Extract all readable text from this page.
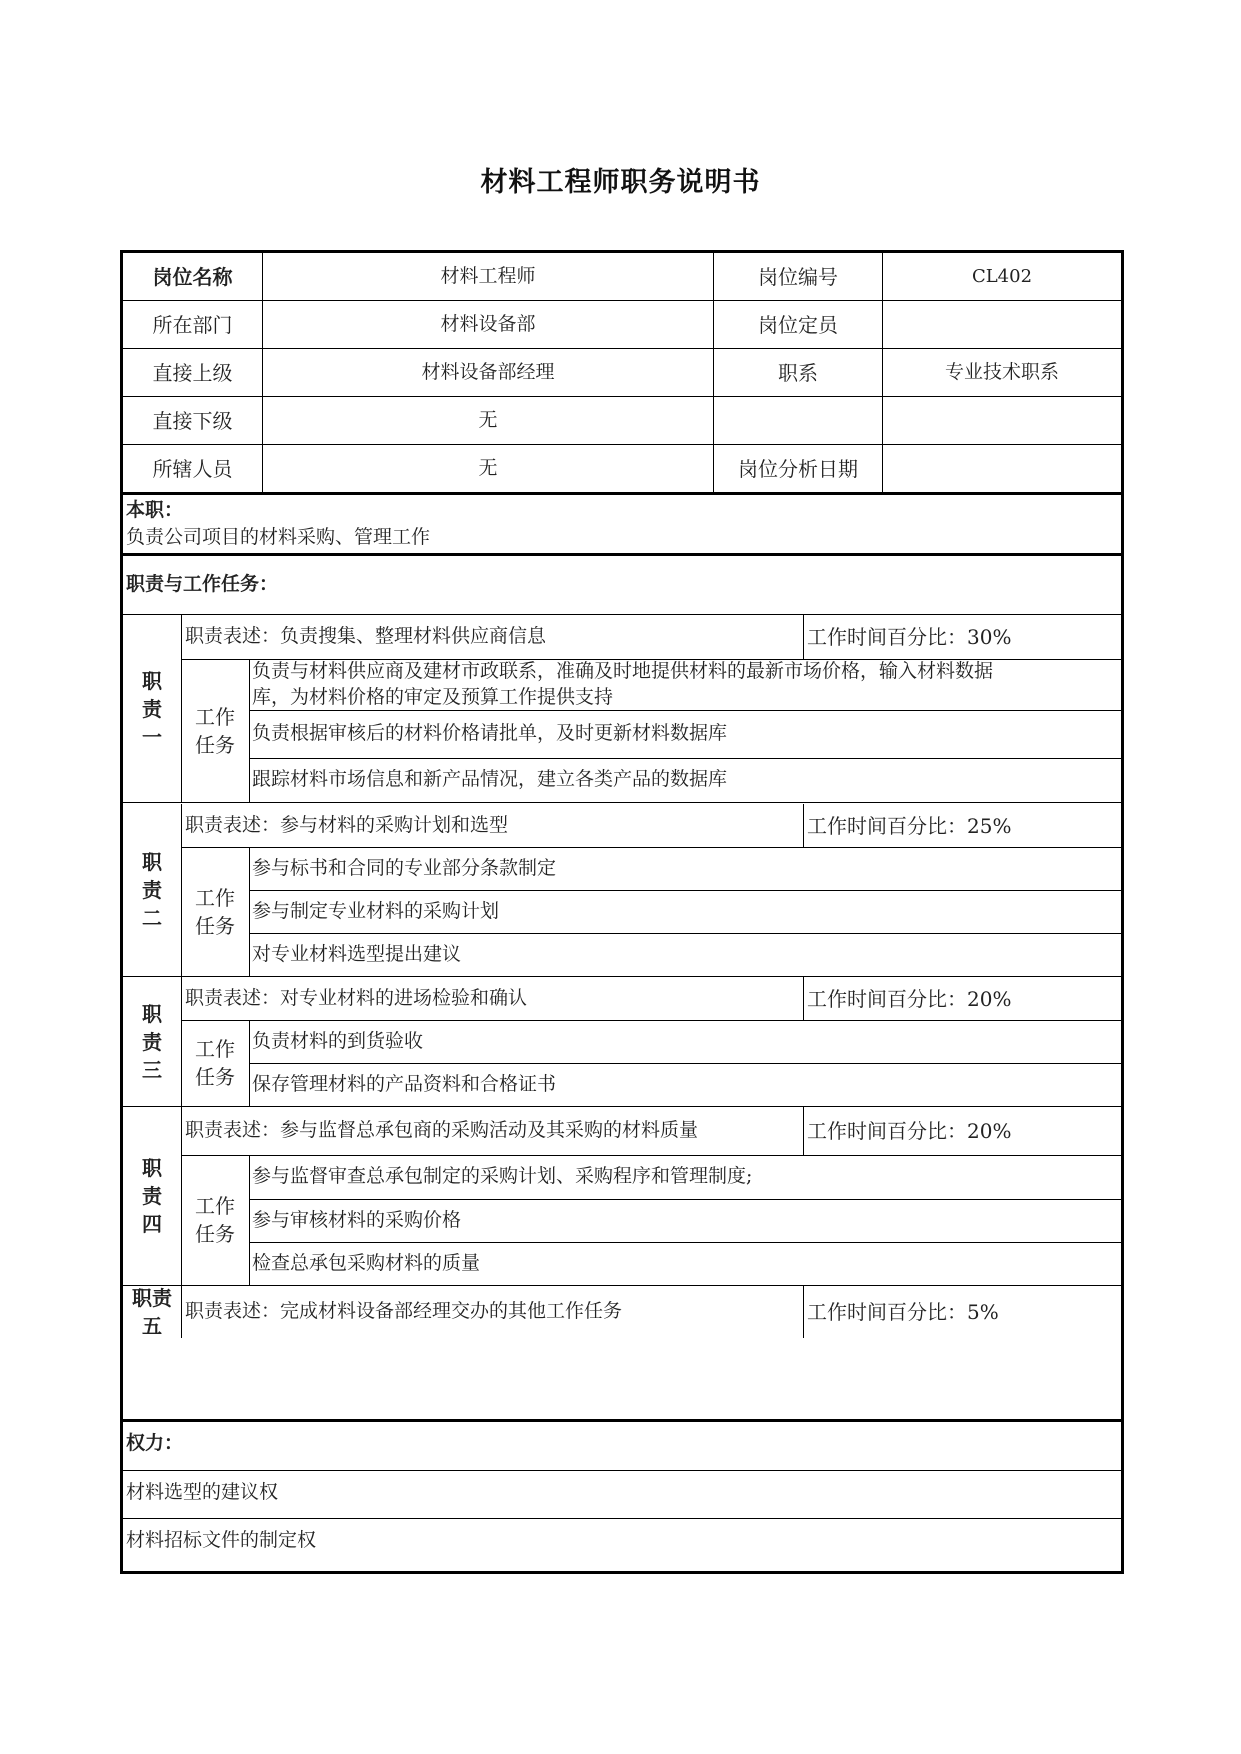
材料工程师职务说明书
岗位名称	材料工程师	岗位编号	CL402
所在部门	材料设备部	岗位定员
直接上级	材料设备部经理	职系	专业技术职系
直接下级	无
所辖人员	无	岗位分析日期
本职：
负责公司项目的材料采购、管理工作
职责与工作任务：
职
责
一
职责表述：负责搜集、整理材料供应商信息	工作时间百分比：30%
工作
任务
负责与材料供应商及建材市政联系，准确及时地提供材料的最新市场价格，输入材料数据
库，为材料价格的审定及预算工作提供支持
负责根据审核后的材料价格请批单，及时更新材料数据库
跟踪材料市场信息和新产品情况，建立各类产品的数据库
职
责
二
职责表述：参与材料的采购计划和选型	工作时间百分比：25%
工作
任务
参与标书和合同的专业部分条款制定
参与制定专业材料的采购计划
对专业材料选型提出建议
职
责
三
职责表述：对专业材料的进场检验和确认	工作时间百分比：20%
工作
任务
负责材料的到货验收
保存管理材料的产品资料和合格证书
职
责
四
职责表述：参与监督总承包商的采购活动及其采购的材料质量	工作时间百分比：20%
工作
任务
参与监督审查总承包制定的采购计划、采购程序和管理制度;
参与审核材料的采购价格
检查总承包采购材料的质量
职责
五
职责表述：完成材料设备部经理交办的其他工作任务	工作时间百分比：5%
权力：
材料选型的建议权
材料招标文件的制定权
